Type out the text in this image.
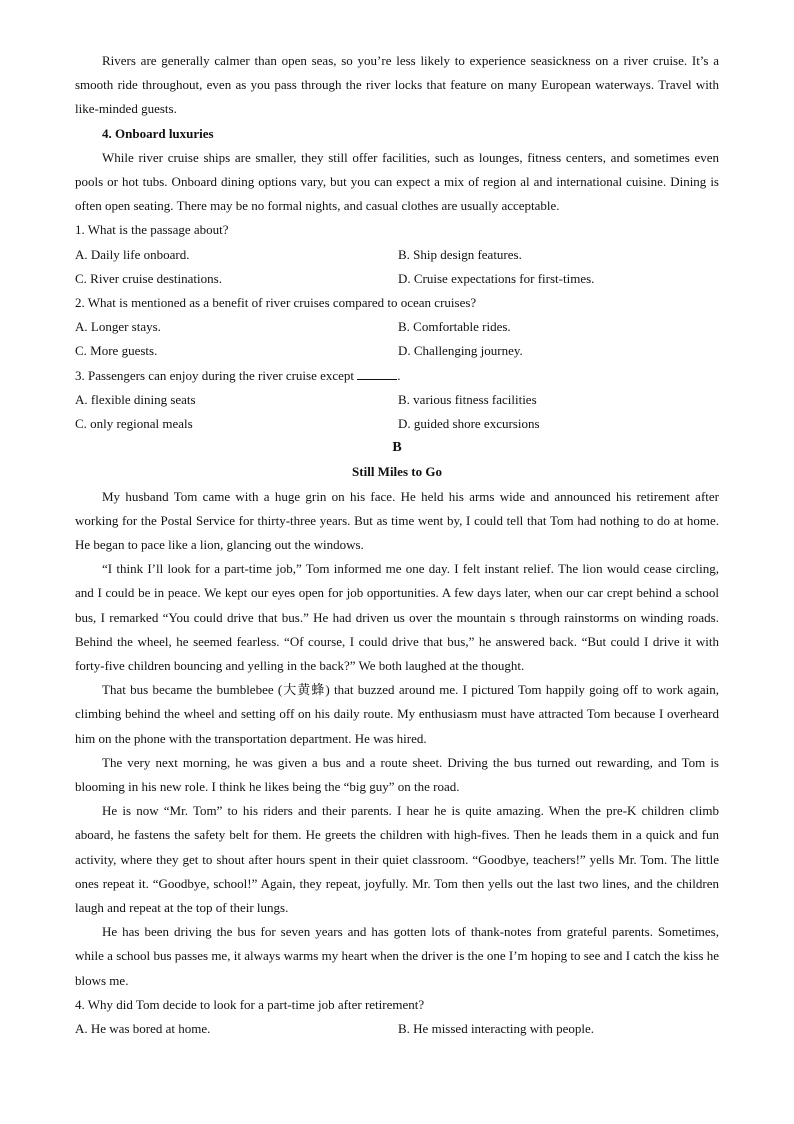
Rivers are generally calmer than open seas, so you’re less likely to experience seasickness on a river cruise. It’s a smooth ride throughout, even as you pass through the river locks that feature on many European waterways. Travel with like-minded guests.

4. Onboard luxuries

While river cruise ships are smaller, they still offer facilities, such as lounges, fitness centers, and sometimes even pools or hot tubs. Onboard dining options vary, but you can expect a mix of region al and international cuisine. Dining is often open seating. There may be no formal nights, and casual clothes are usually acceptable.

1. What is the passage about?

A. Daily life onboard.	B. Ship design features.
C. River cruise destinations.	D. Cruise expectations for first-times.

2. What is mentioned as a benefit of river cruises compared to ocean cruises?

A. Longer stays.	B. Comfortable rides.
C. More guests.	D. Challenging journey.

3. Passengers can enjoy during the river cruise except	.

A. flexible dining seats	B. various fitness facilities
C. only regional meals	D. guided shore excursions

B

Still Miles to Go

My husband Tom came with a huge grin on his face. He held his arms wide and announced his retirement after working for the Postal Service for thirty-three years. But as time went by, I could tell that Tom had nothing to do at home. He began to pace like a lion, glancing out the windows.

“I think I’ll look for a part-time job,” Tom informed me one day. I felt instant relief. The lion would cease circling, and I could be in peace. We kept our eyes open for job opportunities. A few days later, when our car crept behind a school bus, I remarked “You could drive that bus.” He had driven us over the mountain s through rainstorms on winding roads. Behind the wheel, he seemed fearless. “Of course, I could drive that bus,” he answered back. “But could I drive it with forty-five children bouncing and yelling in the back?” We both laughed at the thought.

That bus became the bumblebee (大黄蜂) that buzzed around me. I pictured Tom happily going off to work again, climbing behind the wheel and setting off on his daily route. My enthusiasm must have attracted Tom because I overheard him on the phone with the transportation department. He was hired.

The very next morning, he was given a bus and a route sheet. Driving the bus turned out rewarding, and Tom is blooming in his new role. I think he likes being the “big guy” on the road.

He is now “Mr. Tom” to his riders and their parents. I hear he is quite amazing. When the pre-K children climb aboard, he fastens the safety belt for them. He greets the children with high-fives. Then he leads them in a quick and fun activity, where they get to shout after hours spent in their quiet classroom. “Goodbye, teachers!” yells Mr. Tom. The little ones repeat it. “Goodbye, school!” Again, they repeat, joyfully. Mr. Tom then yells out the last two lines, and the children laugh and repeat at the top of their lungs.

He has been driving the bus for seven years and has gotten lots of thank-notes from grateful parents. Sometimes, while a school bus passes me, it always warms my heart when the driver is the one I’m hoping to see and I catch the kiss he blows me.

4. Why did Tom decide to look for a part-time job after retirement?

A. He was bored at home.	B. He missed interacting with people.
